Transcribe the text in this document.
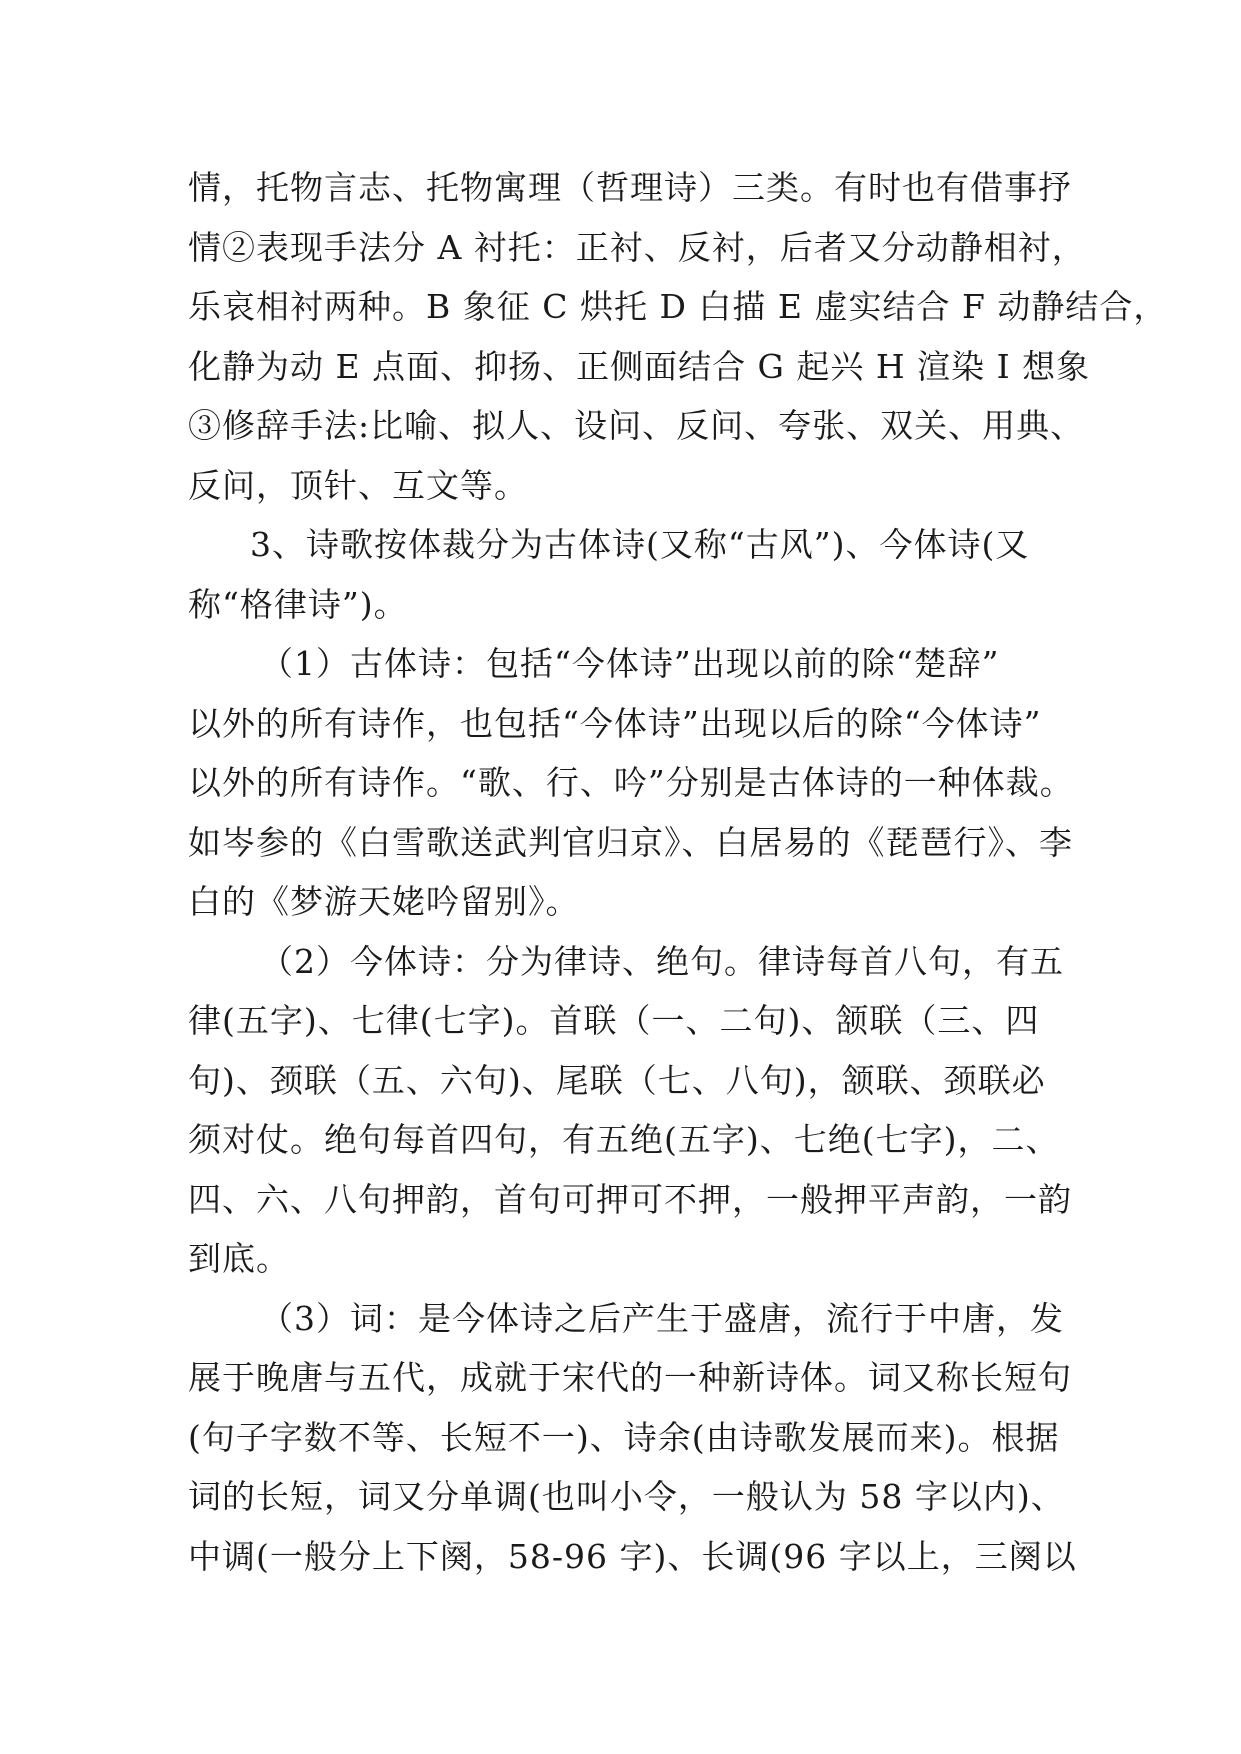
情，托物言志、托物寓理（哲理诗）三类。有时也有借事抒
情②表现手法分 A 衬托：正衬、反衬，后者又分动静相衬，
乐哀相衬两种。B 象征 C 烘托 D 白描 E 虚实结合 F 动静结合，
化静为动 E 点面、抑扬、正侧面结合 G 起兴 H 渲染 I 想象
③修辞手法:比喻、拟人、设问、反问、夸张、双关、用典、
反问，顶针、互文等。
3、诗歌按体裁分为古体诗(又称“古风”)、今体诗(又
称“格律诗”)。
（1）古体诗：包括“今体诗”出现以前的除“楚辞”
以外的所有诗作，也包括“今体诗”出现以后的除“今体诗”
以外的所有诗作。“歌、行、吟”分别是古体诗的一种体裁。
如岑参的《白雪歌送武判官归京》、白居易的《琵琶行》、李
白的《梦游天姥吟留别》。
（2）今体诗：分为律诗、绝句。律诗每首八句，有五
律(五字)、七律(七字)。首联（一、二句)、颔联（三、四
句)、颈联（五、六句)、尾联（七、八句)，颔联、颈联必
须对仗。绝句每首四句，有五绝(五字)、七绝(七字)，二、
四、六、八句押韵，首句可押可不押，一般押平声韵，一韵
到底。
（3）词：是今体诗之后产生于盛唐，流行于中唐，发
展于晚唐与五代，成就于宋代的一种新诗体。词又称长短句
(句子字数不等、长短不一)、诗余(由诗歌发展而来)。根据
词的长短，词又分单调(也叫小令，一般认为 58 字以内)、
中调(一般分上下阕，58-96 字)、长调(96 字以上，三阕以
